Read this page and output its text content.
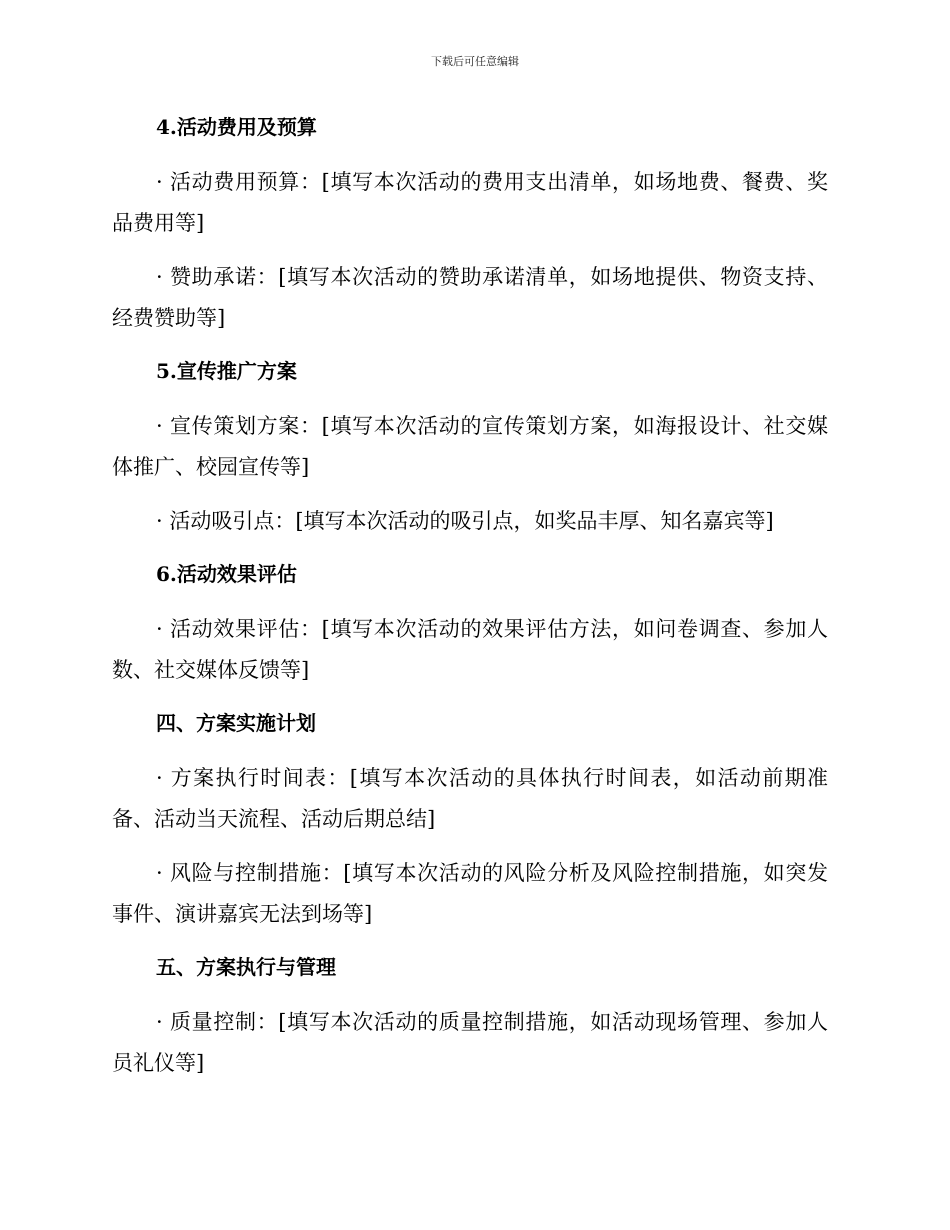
下载后可任意编辑
4.活动费用及预算

· 活动费用预算：[填写本次活动的费用支出清单，如场地费、餐费、奖品费用等]

· 赞助承诺：[填写本次活动的赞助承诺清单，如场地提供、物资支持、经费赞助等]

5.宣传推广方案

· 宣传策划方案：[填写本次活动的宣传策划方案，如海报设计、社交媒体推广、校园宣传等]

· 活动吸引点：[填写本次活动的吸引点，如奖品丰厚、知名嘉宾等]

6.活动效果评估

· 活动效果评估：[填写本次活动的效果评估方法，如问卷调查、参加人数、社交媒体反馈等]

四、方案实施计划

· 方案执行时间表：[填写本次活动的具体执行时间表，如活动前期准备、活动当天流程、活动后期总结]

· 风险与控制措施：[填写本次活动的风险分析及风险控制措施，如突发事件、演讲嘉宾无法到场等]

五、方案执行与管理

· 质量控制：[填写本次活动的质量控制措施，如活动现场管理、参加人员礼仪等]
